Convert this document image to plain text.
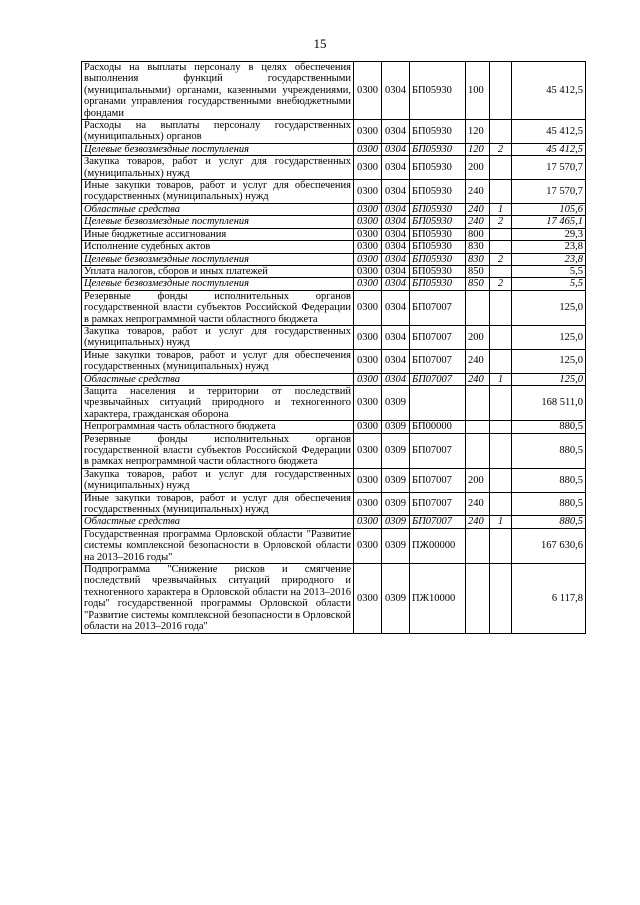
15
Расходы на выплаты персоналу в целях обеспечения выполнения функций государственными (муниципальными) органами, казенными учреждениями, органами управления государственными внебюджетными фондами	0300	0304	БП05930	100		45 412,5
Расходы на выплаты персоналу государственных (муниципальных) органов	0300	0304	БП05930	120		45 412,5
Целевые безвозмездные поступления	0300	0304	БП05930	120	2	45 412,5
Закупка товаров, работ и услуг для государственных (муниципальных) нужд	0300	0304	БП05930	200		17 570,7
Иные закупки товаров, работ и услуг для обеспечения государственных (муниципальных) нужд	0300	0304	БП05930	240		17 570,7
Областные средства	0300	0304	БП05930	240	1	105,6
Целевые безвозмездные поступления	0300	0304	БП05930	240	2	17 465,1
Иные бюджетные ассигнования	0300	0304	БП05930	800		29,3
Исполнение судебных актов	0300	0304	БП05930	830		23,8
Целевые безвозмездные поступления	0300	0304	БП05930	830	2	23,8
Уплата налогов, сборов и иных платежей	0300	0304	БП05930	850		5,5
Целевые безвозмездные поступления	0300	0304	БП05930	850	2	5,5
Резервные фонды исполнительных органов государственной власти субъектов Российской Федерации в рамках непрограммной части областного бюджета	0300	0304	БП07007			125,0
Закупка товаров, работ и услуг для государственных (муниципальных) нужд	0300	0304	БП07007	200		125,0
Иные закупки товаров, работ и услуг для обеспечения государственных (муниципальных) нужд	0300	0304	БП07007	240		125,0
Областные средства	0300	0304	БП07007	240	1	125,0
Защита населения и территории от последствий чрезвычайных ситуаций природного и техногенного характера, гражданская оборона	0300	0309				168 511,0
Непрограммная часть областного бюджета	0300	0309	БП00000			880,5
Резервные фонды исполнительных органов государственной власти субъектов Российской Федерации в рамках непрограммной части областного бюджета	0300	0309	БП07007			880,5
Закупка товаров, работ и услуг для государственных (муниципальных) нужд	0300	0309	БП07007	200		880,5
Иные закупки товаров, работ и услуг для обеспечения государственных (муниципальных) нужд	0300	0309	БП07007	240		880,5
Областные средства	0300	0309	БП07007	240	1	880,5
Государственная программа Орловской области "Развитие системы комплексной безопасности в Орловской области на 2013–2016 годы"	0300	0309	ПЖ00000			167 630,6
Подпрограмма "Снижение рисков и смягчение последствий чрезвычайных ситуаций природного и техногенного характера в Орловской области на 2013–2016 годы" государственной программы Орловской области "Развитие системы комплексной безопасности в Орловской области на 2013–2016 года"	0300	0309	ПЖ10000			6 117,8
